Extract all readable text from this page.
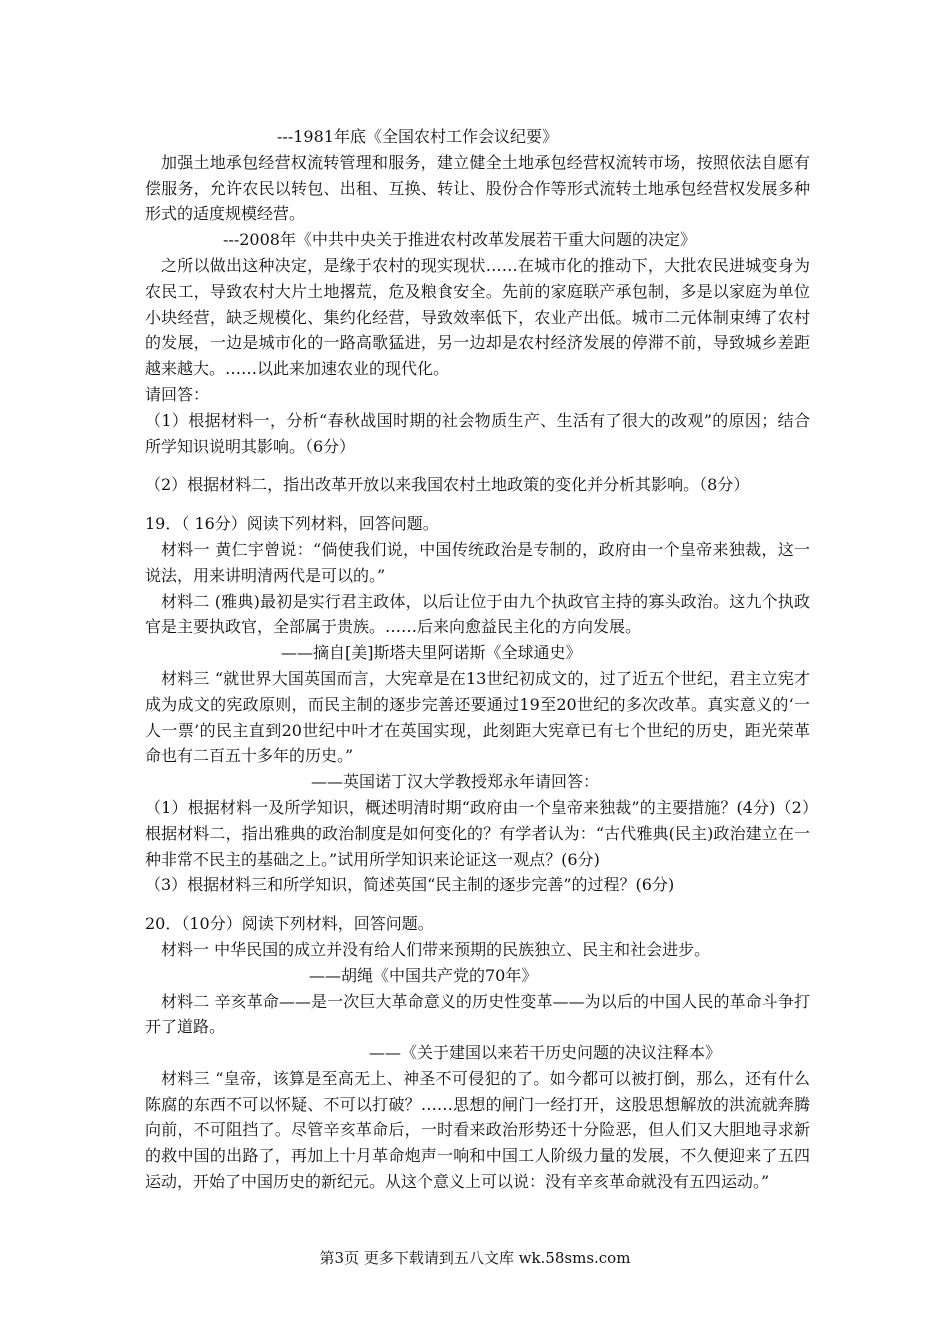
---1981年底《全国农村工作会议纪要》

加强土地承包经营权流转管理和服务，建立健全土地承包经营权流转市场，按照依法自愿有偿服务，允许农民以转包、出租、互换、转让、股份合作等形式流转土地承包经营权发展多种形式的适度规模经营。

---2008年《中共中央关于推进农村改革发展若干重大问题的决定》

之所以做出这种决定，是缘于农村的现实现状……在城市化的推动下，大批农民进城变身为农民工，导致农村大片土地撂荒，危及粮食安全。先前的家庭联产承包制，多是以家庭为单位小块经营，缺乏规模化、集约化经营，导致效率低下，农业产出低。城市二元体制束缚了农村的发展，一边是城市化的一路高歌猛进，另一边却是农村经济发展的停滞不前，导致城乡差距越来越大。……以此来加速农业的现代化。

请回答：

（1）根据材料一，分析“春秋战国时期的社会物质生产、生活有了很大的改观”的原因；结合所学知识说明其影响。（6分）

（2）根据材料二，指出改革开放以来我国农村土地政策的变化并分析其影响。（8分）

19．（ 16分）阅读下列材料，回答问题。

材料一 黄仁宇曾说：“倘使我们说，中国传统政治是专制的，政府由一个皇帝来独裁，这一说法，用来讲明清两代是可以的。”

材料二 (雅典)最初是实行君主政体，以后让位于由九个执政官主持的寡头政治。这九个执政官是主要执政官，全部属于贵族。……后来向愈益民主化的方向发展。

——摘自[美]斯塔夫里阿诺斯《全球通史》

材料三 “就世界大国英国而言，大宪章是在13世纪初成文的，过了近五个世纪，君主立宪才成为成文的宪政原则，而民主制的逐步完善还要通过19至20世纪的多次改革。真实意义的‘一人一票’的民主直到20世纪中叶才在英国实现，此刻距大宪章已有七个世纪的历史，距光荣革命也有二百五十多年的历史。”

——英国诺丁汉大学教授郑永年请回答：

（1）根据材料一及所学知识，概述明清时期“政府由一个皇帝来独裁”的主要措施？(4分)（2）根据材料二，指出雅典的政治制度是如何变化的？有学者认为：“古代雅典(民主)政治建立在一种非常不民主的基础之上。”试用所学知识来论证这一观点？(6分)

（3）根据材料三和所学知识，简述英国“民主制的逐步完善”的过程？(6分)

20．（10分）阅读下列材料，回答问题。

材料一 中华民国的成立并没有给人们带来预期的民族独立、民主和社会进步。

——胡绳《中国共产党的70年》

材料二 辛亥革命——是一次巨大革命意义的历史性变革——为以后的中国人民的革命斗争打开了道路。

——《关于建国以来若干历史问题的决议注释本》

材料三 “皇帝，该算是至高无上、神圣不可侵犯的了。如今都可以被打倒，那么，还有什么陈腐的东西不可以怀疑、不可以打破？……思想的闸门一经打开，这股思想解放的洪流就奔腾向前，不可阻挡了。尽管辛亥革命后，一时看来政治形势还十分险恶，但人们又大胆地寻求新的救中国的出路了，再加上十月革命炮声一响和中国工人阶级力量的发展，不久便迎来了五四运动，开始了中国历史的新纪元。从这个意义上可以说：没有辛亥革命就没有五四运动。”

第3页 更多下载请到五八文库 wk.58sms.com
